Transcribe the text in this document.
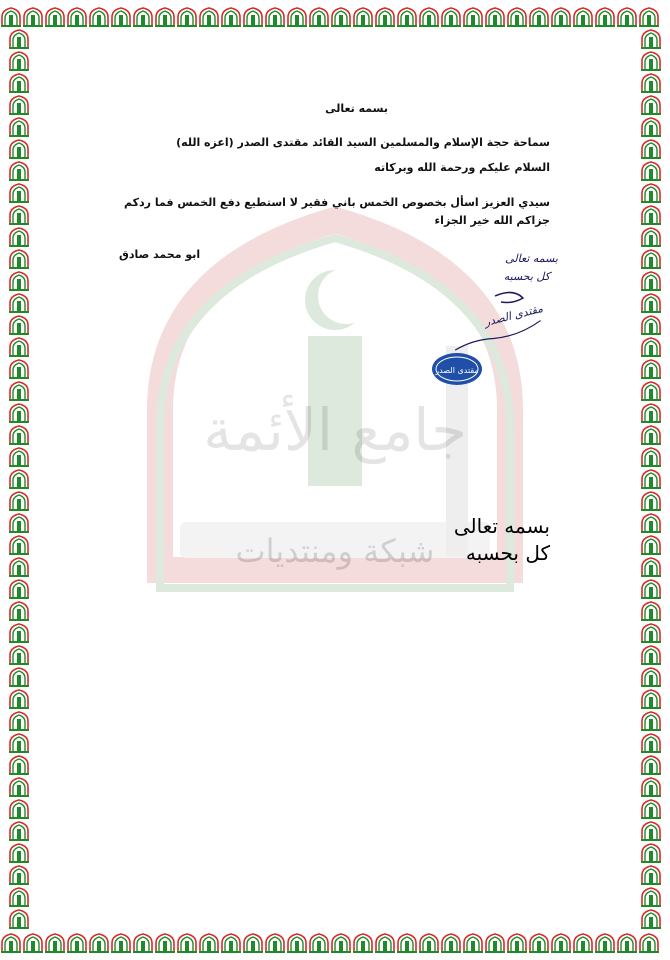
جامع الأئمة
شبكة ومنتديات
بسمه تعالى
سماحة حجة الإسلام والمسلمين السيد القائد مقتدى الصدر (اعزه الله)
السلام عليكم ورحمة الله وبركاته
سيدي العزيز اسأل بخصوص الخمس باني فقير لا استطيع دفع الخمس فما ردكم
جزاكم الله خير الجزاء
ابو محمد صادق	بسمه تعالى
كل بحسبه
مقتدى الصدر
مقتدى الصدر
بسمه تعالى
كل بحسبه
